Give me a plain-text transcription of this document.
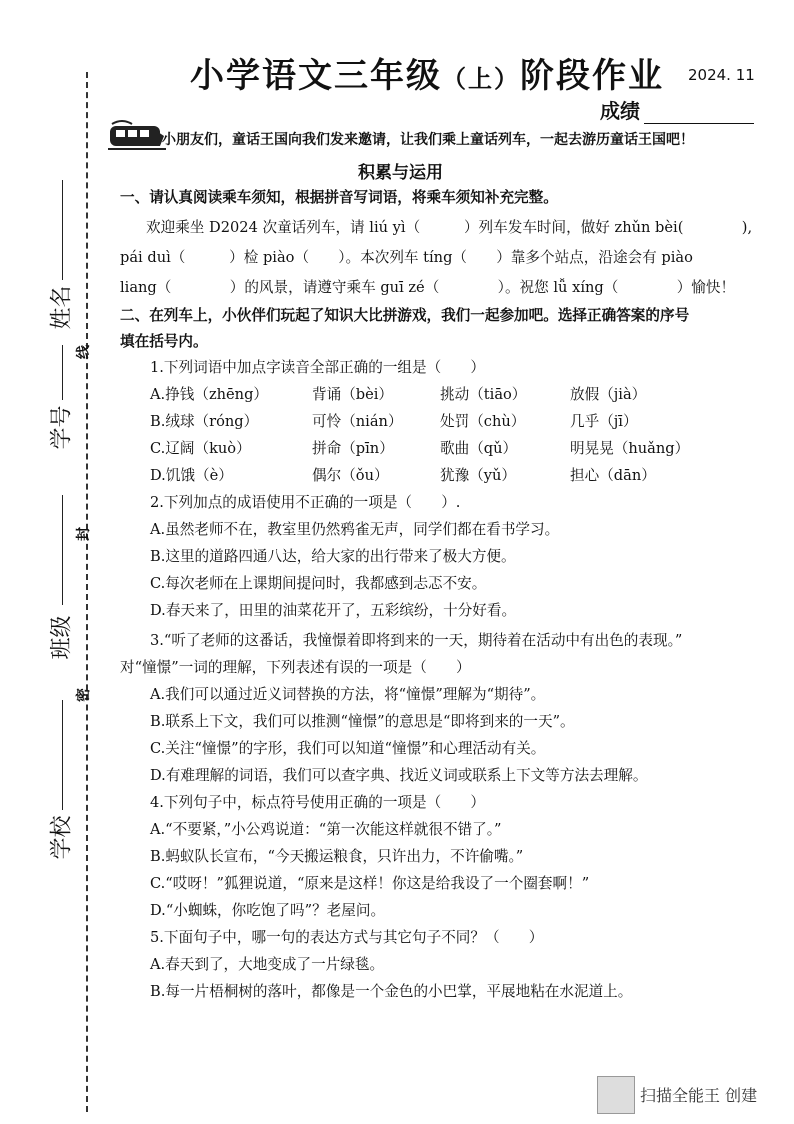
姓名
学号
班级
学校
线
封
密
小学语文三年级（上）阶段作业 2024. 11
成绩
小朋友们，童话王国向我们发来邀请，让我们乘上童话列车，一起去游历童话王国吧！
积累与运用
一、请认真阅读乘车须知，根据拼音写词语，将乘车须知补充完整。
欢迎乘坐 D2024 次童话列车，请 liú yì（　　　）列车发车时间，做好 zhǔn bèi(　　　　),
pái duì（　　　）检 piào（　　）。本次列车 tíng（　　）靠多个站点，沿途会有 piào
liang（　　　　）的风景，请遵守乘车 guī zé（　　　　）。祝您 lǚ xíng（　　　　）愉快！
二、在列车上，小伙伴们玩起了知识大比拼游戏，我们一起参加吧。选择正确答案的序号
填在括号内。
1.下列词语中加点字读音全部正确的一组是（　　）
A.挣钱（zhēng）	背诵（bèi）	挑动（tiāo）	放假（jià）
B.绒球（róng）	可怜（nián）	处罚（chù）	几乎（jī）
C.辽阔（kuò）	拼命（pīn）	歌曲（qǔ）	明晃晃（huǎng）
D.饥饿（è）	偶尔（ǒu）	犹豫（yǔ）	担心（dān）
2.下列加点的成语使用不正确的一项是（　　）.
A.虽然老师不在，教室里仍然鸦雀无声，同学们都在看书学习。
B.这里的道路四通八达，给大家的出行带来了极大方便。
C.每次老师在上课期间提问时，我都感到忐忑不安。
D.春天来了，田里的油菜花开了，五彩缤纷，十分好看。
3.“听了老师的这番话，我憧憬着即将到来的一天，期待着在活动中有出色的表现。”
对“憧憬”一词的理解，下列表述有误的一项是（　　）
A.我们可以通过近义词替换的方法，将“憧憬”理解为“期待”。
B.联系上下文，我们可以推测“憧憬”的意思是“即将到来的一天”。
C.关注“憧憬”的字形，我们可以知道“憧憬”和心理活动有关。
D.有难理解的词语，我们可以查字典、找近义词或联系上下文等方法去理解。
4.下列句子中，标点符号使用正确的一项是（　　）
A.“不要紧，”小公鸡说道：“第一次能这样就很不错了。”
B.蚂蚁队长宣布，“今天搬运粮食，只许出力，不许偷嘴。”
C.“哎呀！”狐狸说道，“原来是这样！你这是给我设了一个圈套啊！”
D.“小蜘蛛，你吃饱了吗”？老屋问。
5.下面句子中，哪一句的表达方式与其它句子不同？（　　）
A.春天到了，大地变成了一片绿毯。
B.每一片梧桐树的落叶，都像是一个金色的小巴掌，平展地粘在水泥道上。
扫描全能王 创建
